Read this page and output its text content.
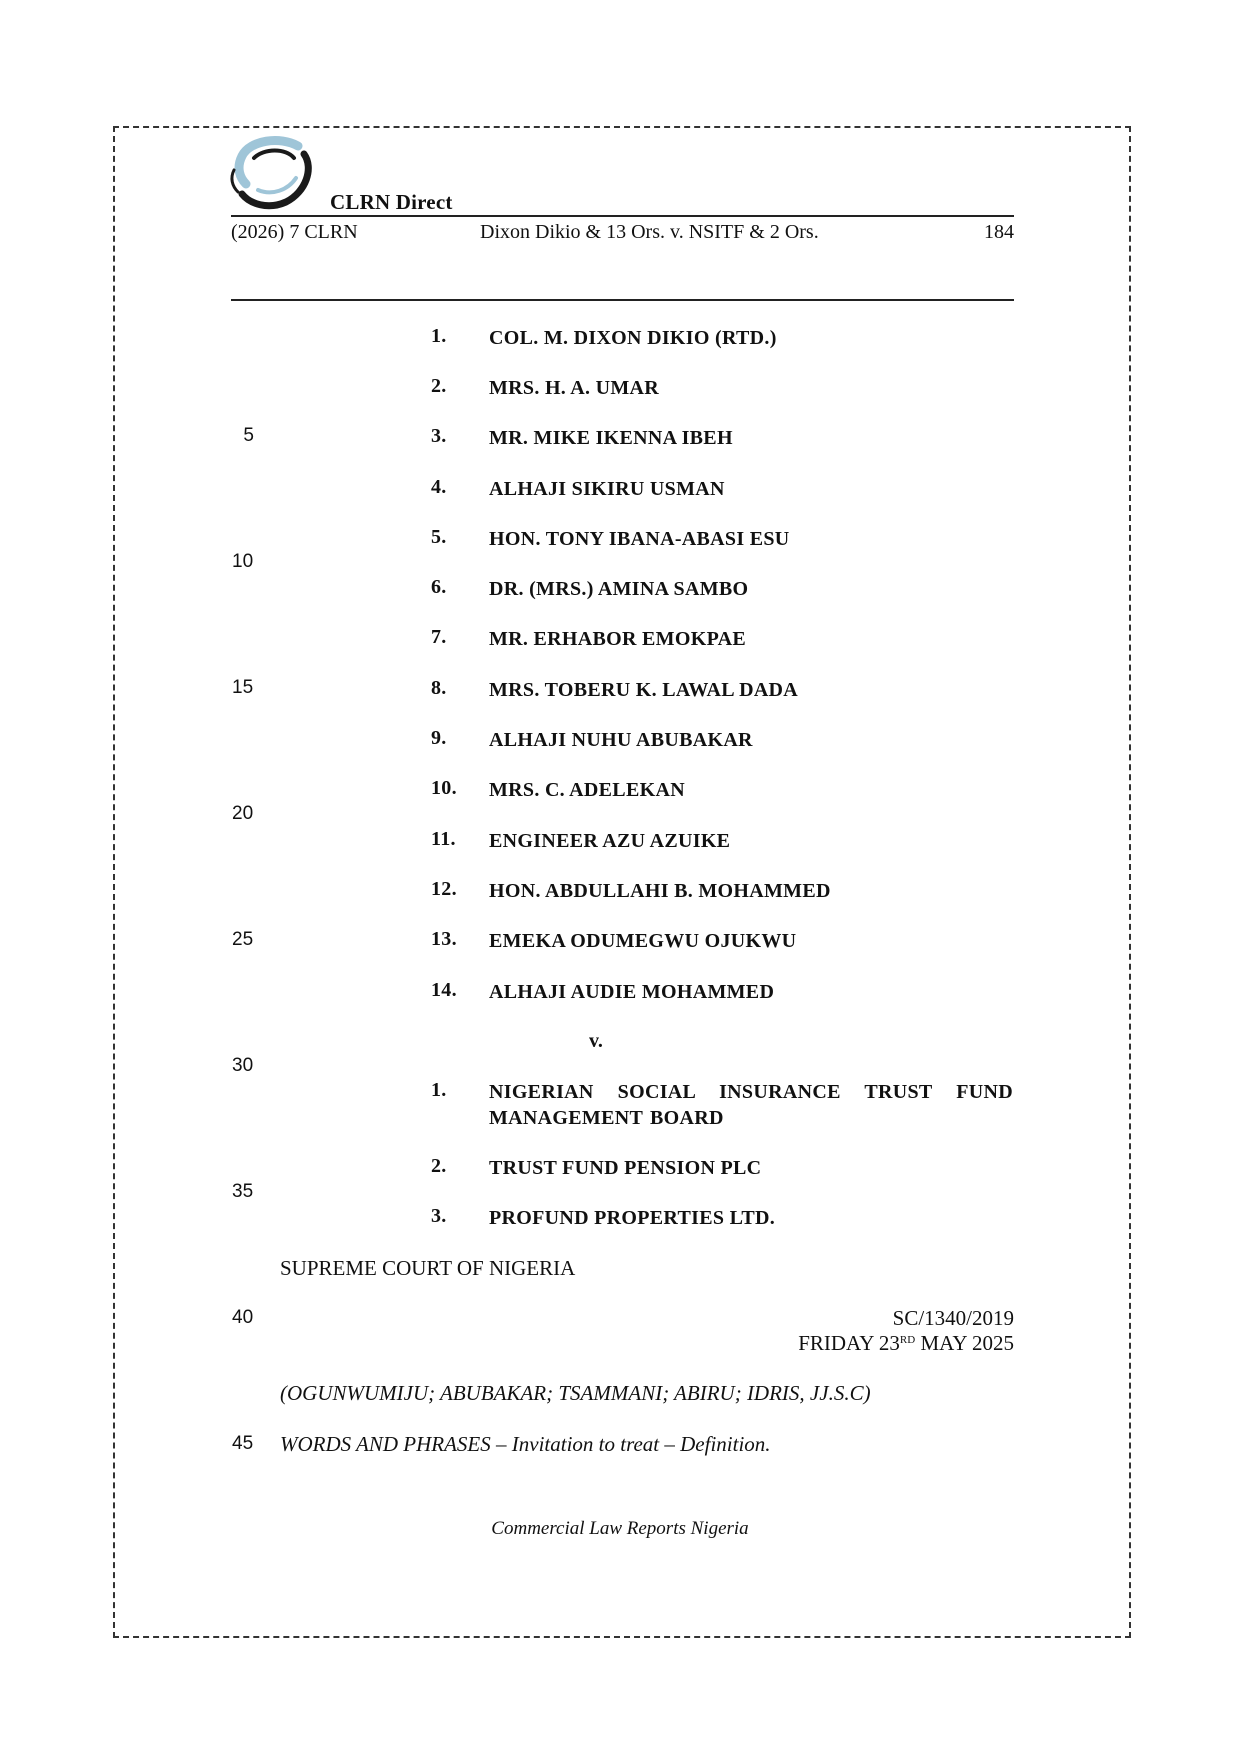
CLRN Direct
(2026) 7 CLRN	Dixon Dikio & 13 Ors. v. NSITF & 2 Ors.	184
5
10
15
20
25
30
35
40
45
1.	COL. M. DIXON DIKIO (RTD.)
2.	MRS. H. A. UMAR
3.	MR. MIKE IKENNA IBEH
4.	ALHAJI SIKIRU USMAN
5.	HON. TONY IBANA-ABASI ESU
6.	DR. (MRS.) AMINA SAMBO
7.	MR. ERHABOR EMOKPAE
8.	MRS. TOBERU K. LAWAL DADA
9.	ALHAJI NUHU ABUBAKAR
10.	MRS. C. ADELEKAN
11.	ENGINEER AZU AZUIKE
12.	HON. ABDULLAHI B. MOHAMMED
13.	EMEKA ODUMEGWU OJUKWU
14.	ALHAJI AUDIE MOHAMMED
v.
1.	NIGERIAN SOCIAL INSURANCE TRUST FUND MANAGEMENT BOARD
2.	TRUST FUND PENSION PLC
3.	PROFUND PROPERTIES LTD.
SUPREME COURT OF NIGERIA
SC/1340/2019
FRIDAY 23RD MAY 2025
(OGUNWUMIJU; ABUBAKAR; TSAMMANI; ABIRU; IDRIS, JJ.S.C)
WORDS AND PHRASES – Invitation to treat – Definition.
Commercial Law Reports Nigeria
